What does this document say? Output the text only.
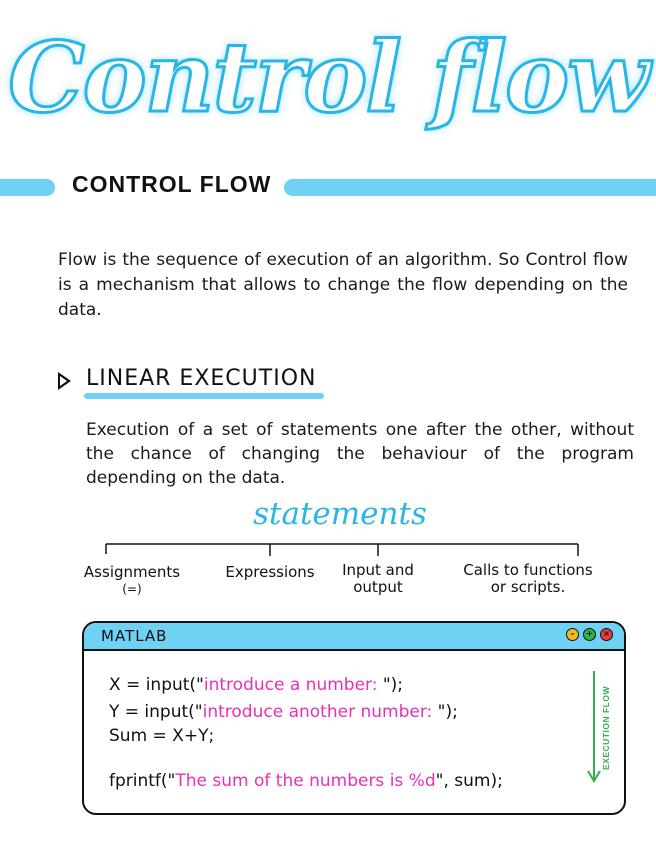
Control flow
CONTROL FLOW
Flow is the sequence of execution of an algorithm. So Control flow is a mechanism that allows to change the flow depending on the data.
LINEAR EXECUTION
Execution of a set of statements one after the other, without the chance of changing the behaviour of the program depending on the data.
statements
Assignments
(=)
Expressions	Input and
output
Calls to functions
or scripts.
MATLAB	–	+	×
X = input("introduce a number: ");
Y = input("introduce another number: ");
Sum = X+Y;
fprintf("The sum of the numbers is %d", sum);
EXECUTION FLOW
